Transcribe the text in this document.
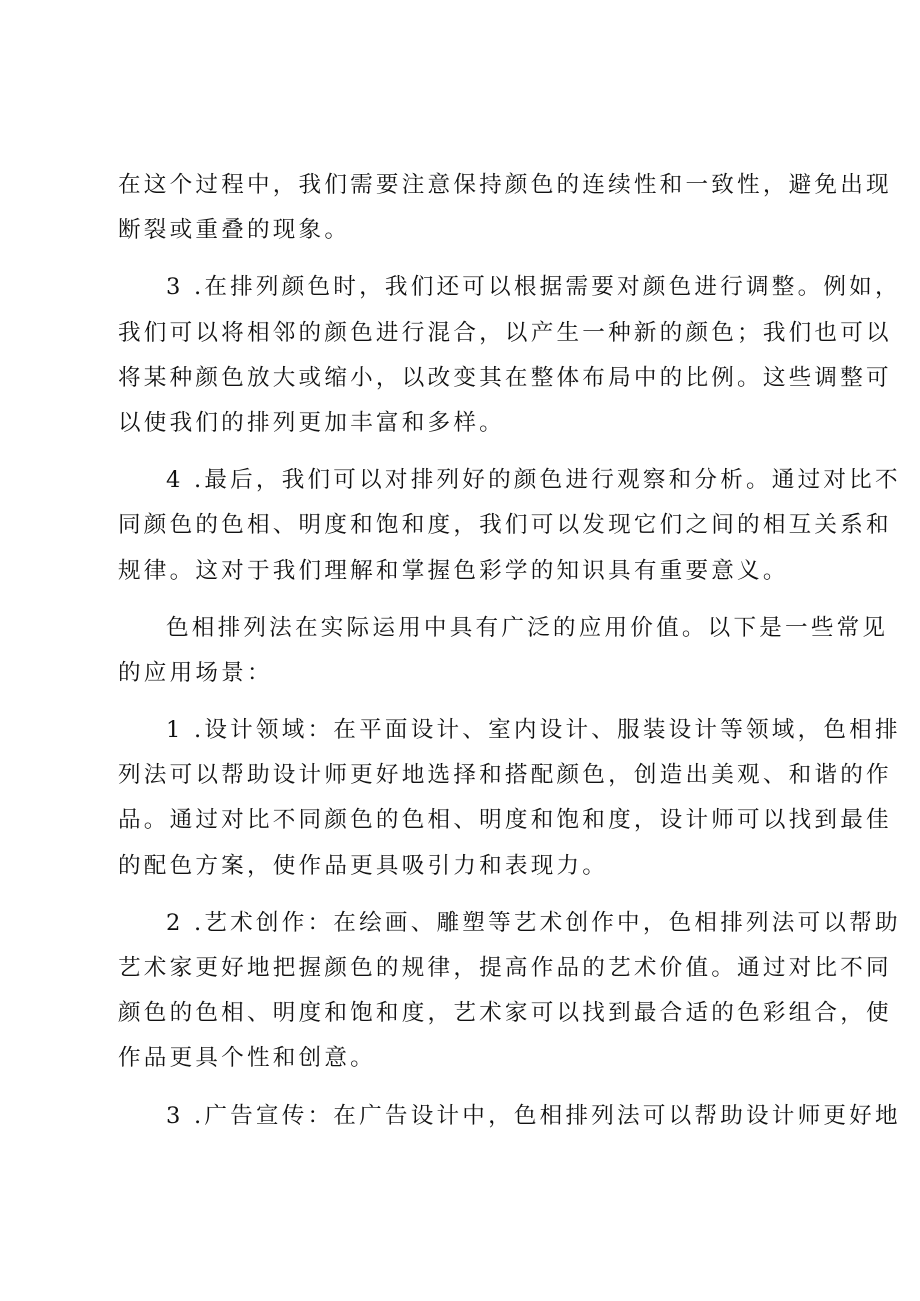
在这个过程中，我们需要注意保持颜色的连续性和一致性，避免出现
断裂或重叠的现象。
3 .在排列颜色时，我们还可以根据需要对颜色进行调整。例如，
我们可以将相邻的颜色进行混合，以产生一种新的颜色；我们也可以
将某种颜色放大或缩小，以改变其在整体布局中的比例。这些调整可
以使我们的排列更加丰富和多样。
4 .最后，我们可以对排列好的颜色进行观察和分析。通过对比不
同颜色的色相、明度和饱和度，我们可以发现它们之间的相互关系和
规律。这对于我们理解和掌握色彩学的知识具有重要意义。
色相排列法在实际运用中具有广泛的应用价值。以下是一些常见
的应用场景：
1 .设计领域：在平面设计、室内设计、服装设计等领域，色相排
列法可以帮助设计师更好地选择和搭配颜色，创造出美观、和谐的作
品。通过对比不同颜色的色相、明度和饱和度，设计师可以找到最佳
的配色方案，使作品更具吸引力和表现力。
2 .艺术创作：在绘画、雕塑等艺术创作中，色相排列法可以帮助
艺术家更好地把握颜色的规律，提高作品的艺术价值。通过对比不同
颜色的色相、明度和饱和度，艺术家可以找到最合适的色彩组合，使
作品更具个性和创意。
3 .广告宣传：在广告设计中，色相排列法可以帮助设计师更好地
